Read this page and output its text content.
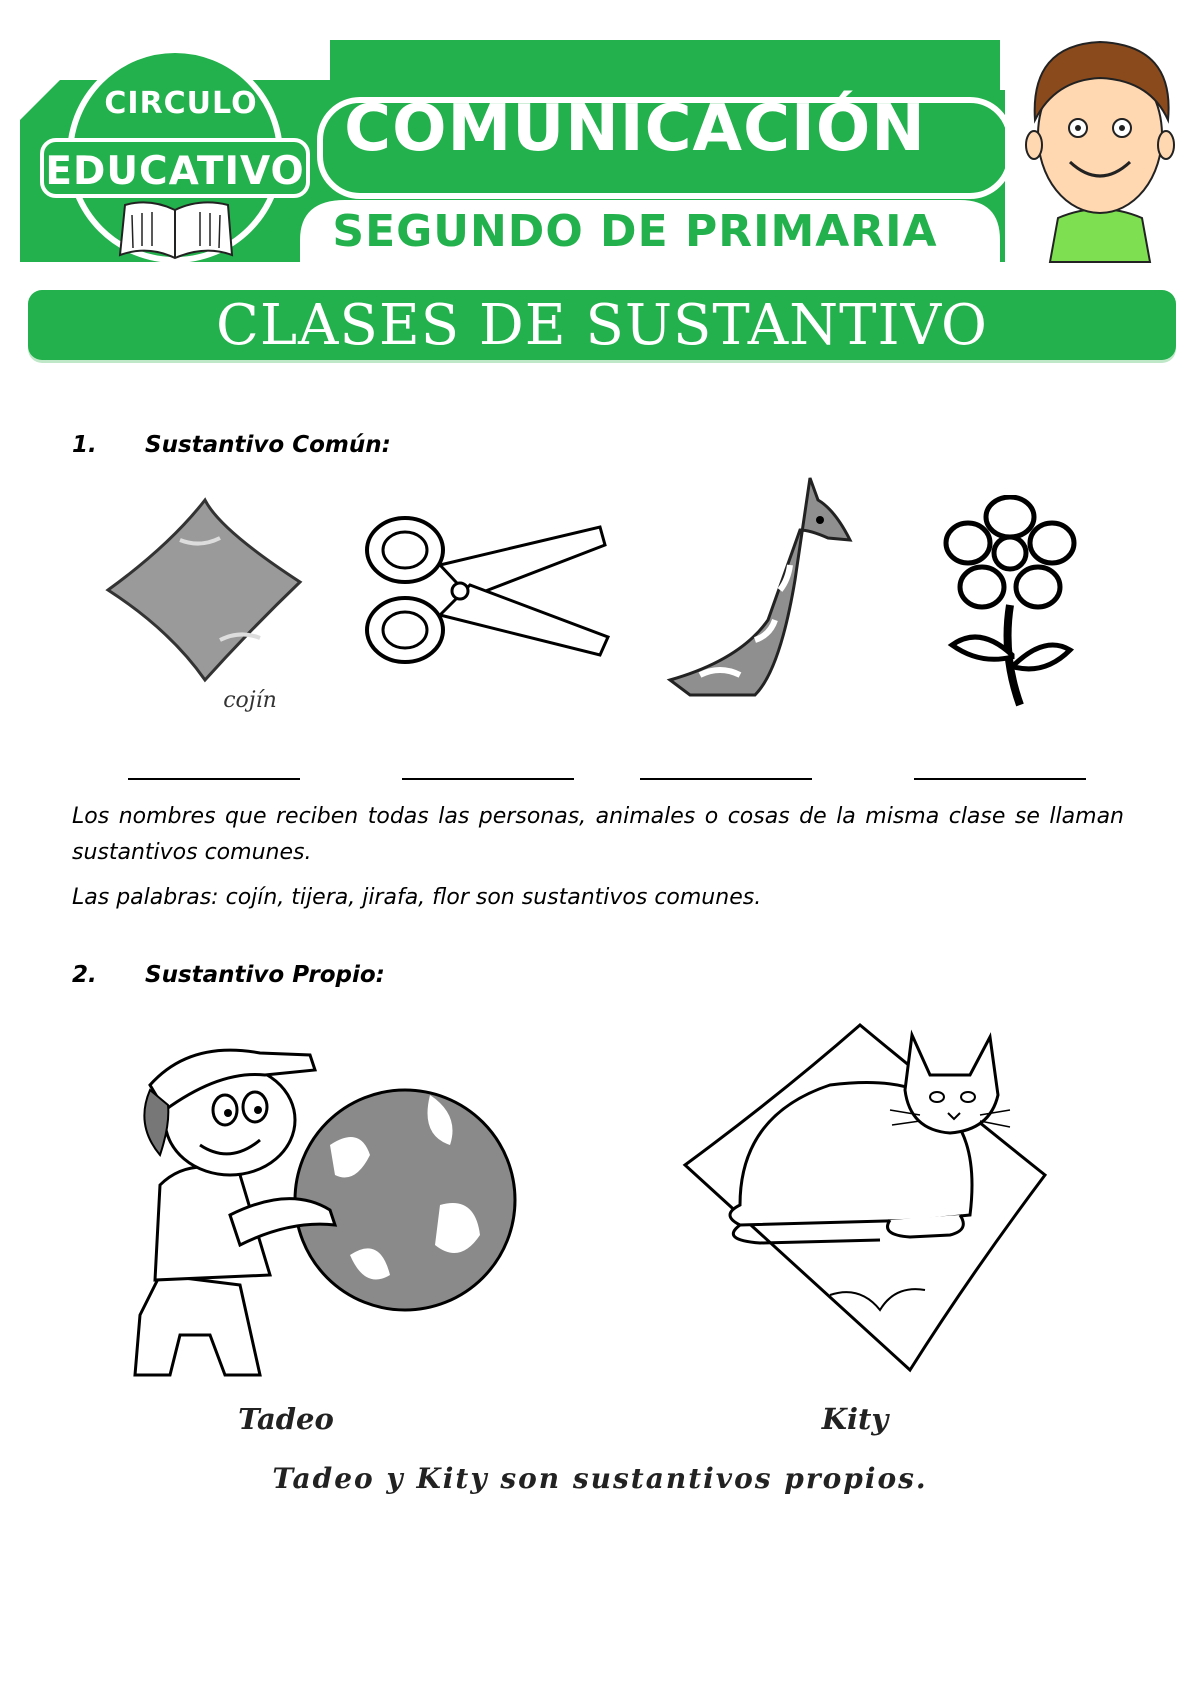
CIRCULO
EDUCATIVO
COMUNICACIÓN
SEGUNDO DE PRIMARIA
CLASES DE SUSTANTIVO
1. Sustantivo Común:
cojín
Los nombres que reciben todas las personas, animales o cosas de la misma clase se llaman sustantivos comunes.
Las palabras: cojín, tijera, jirafa, flor son sustantivos comunes.
2. Sustantivo Propio:
Tadeo	Kity
Tadeo y Kity son sustantivos propios.
